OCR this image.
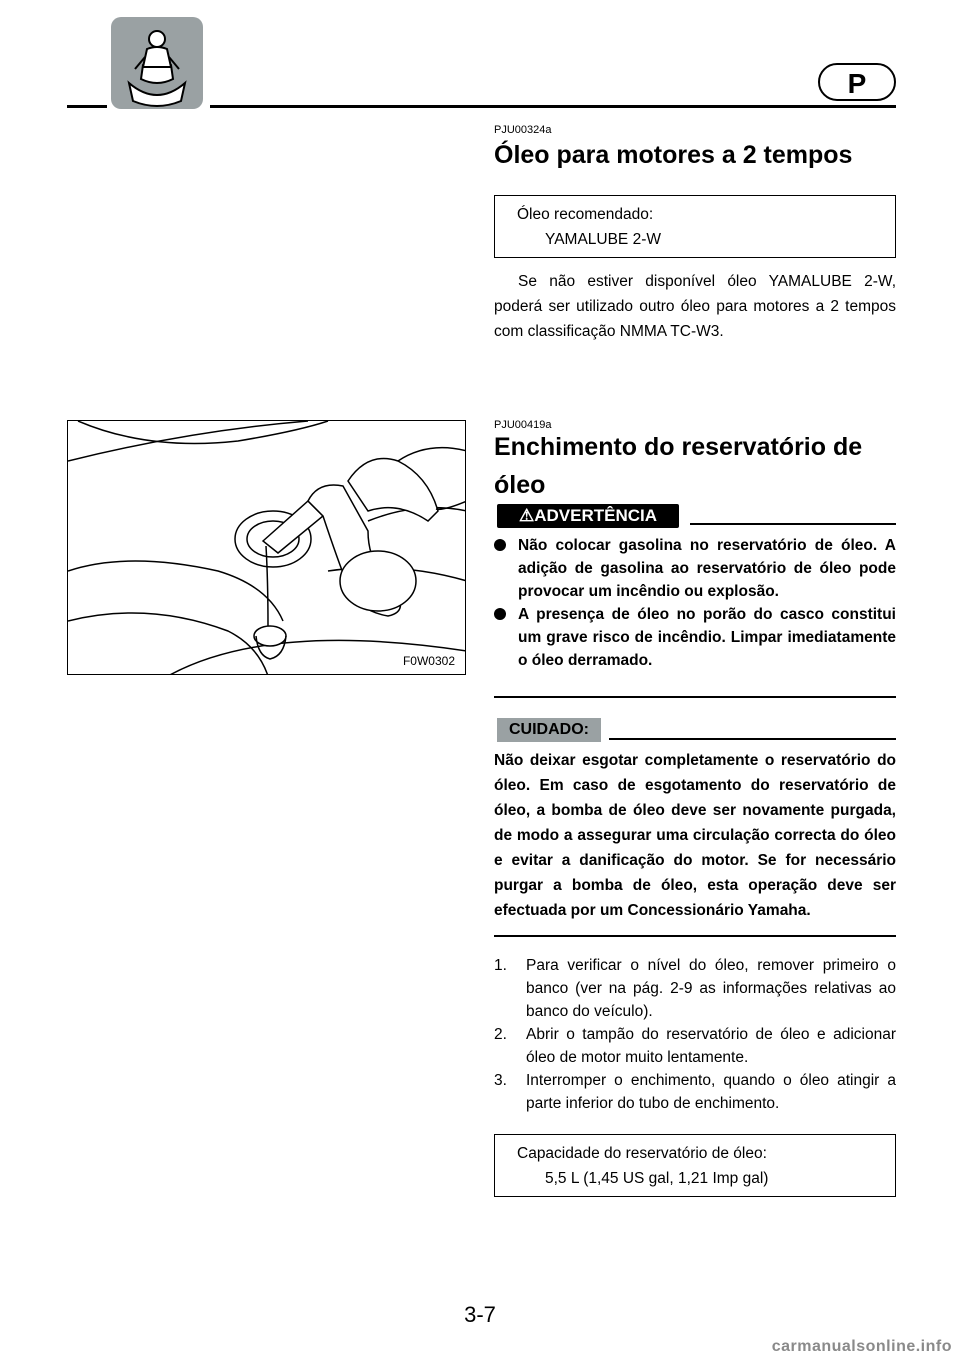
P
PJU00324a
Óleo para motores a 2 tempos
Óleo recomendado:
YAMALUBE 2-W
Se não estiver disponível óleo YAMALUBE 2-W, poderá ser utilizado outro óleo para motores a 2 tempos com classificação NMMA TC-W3.
F0W0302
PJU00419a
Enchimento do reservatório de
óleo
⚠ADVERTÊNCIA
Não colocar gasolina no reservatório de óleo. A adição de gasolina ao reservatório de óleo pode provocar um incêndio ou explosão.
A presença de óleo no porão do casco constitui um grave risco de incêndio. Limpar imediatamente o óleo derramado.
CUIDADO:
Não deixar esgotar completamente o reservatório do óleo. Em caso de esgotamento do reservatório de óleo, a bomba de óleo deve ser novamente purgada, de modo a assegurar uma circulação correcta do óleo e evitar a danificação do motor. Se for necessário purgar a bomba de óleo, esta operação deve ser efectuada por um Concessionário Yamaha.
1. Para verificar o nível do óleo, remover primeiro o banco (ver na pág. 2-9 as informações relativas ao banco do veículo).
2. Abrir o tampão do reservatório de óleo e adicionar óleo de motor muito lentamente.
3. Interromper o enchimento, quando o óleo atingir a parte inferior do tubo de enchimento.
Capacidade do reservatório de óleo:
5,5 L (1,45 US gal, 1,21 Imp gal)
3-7
carmanualsonline.info
